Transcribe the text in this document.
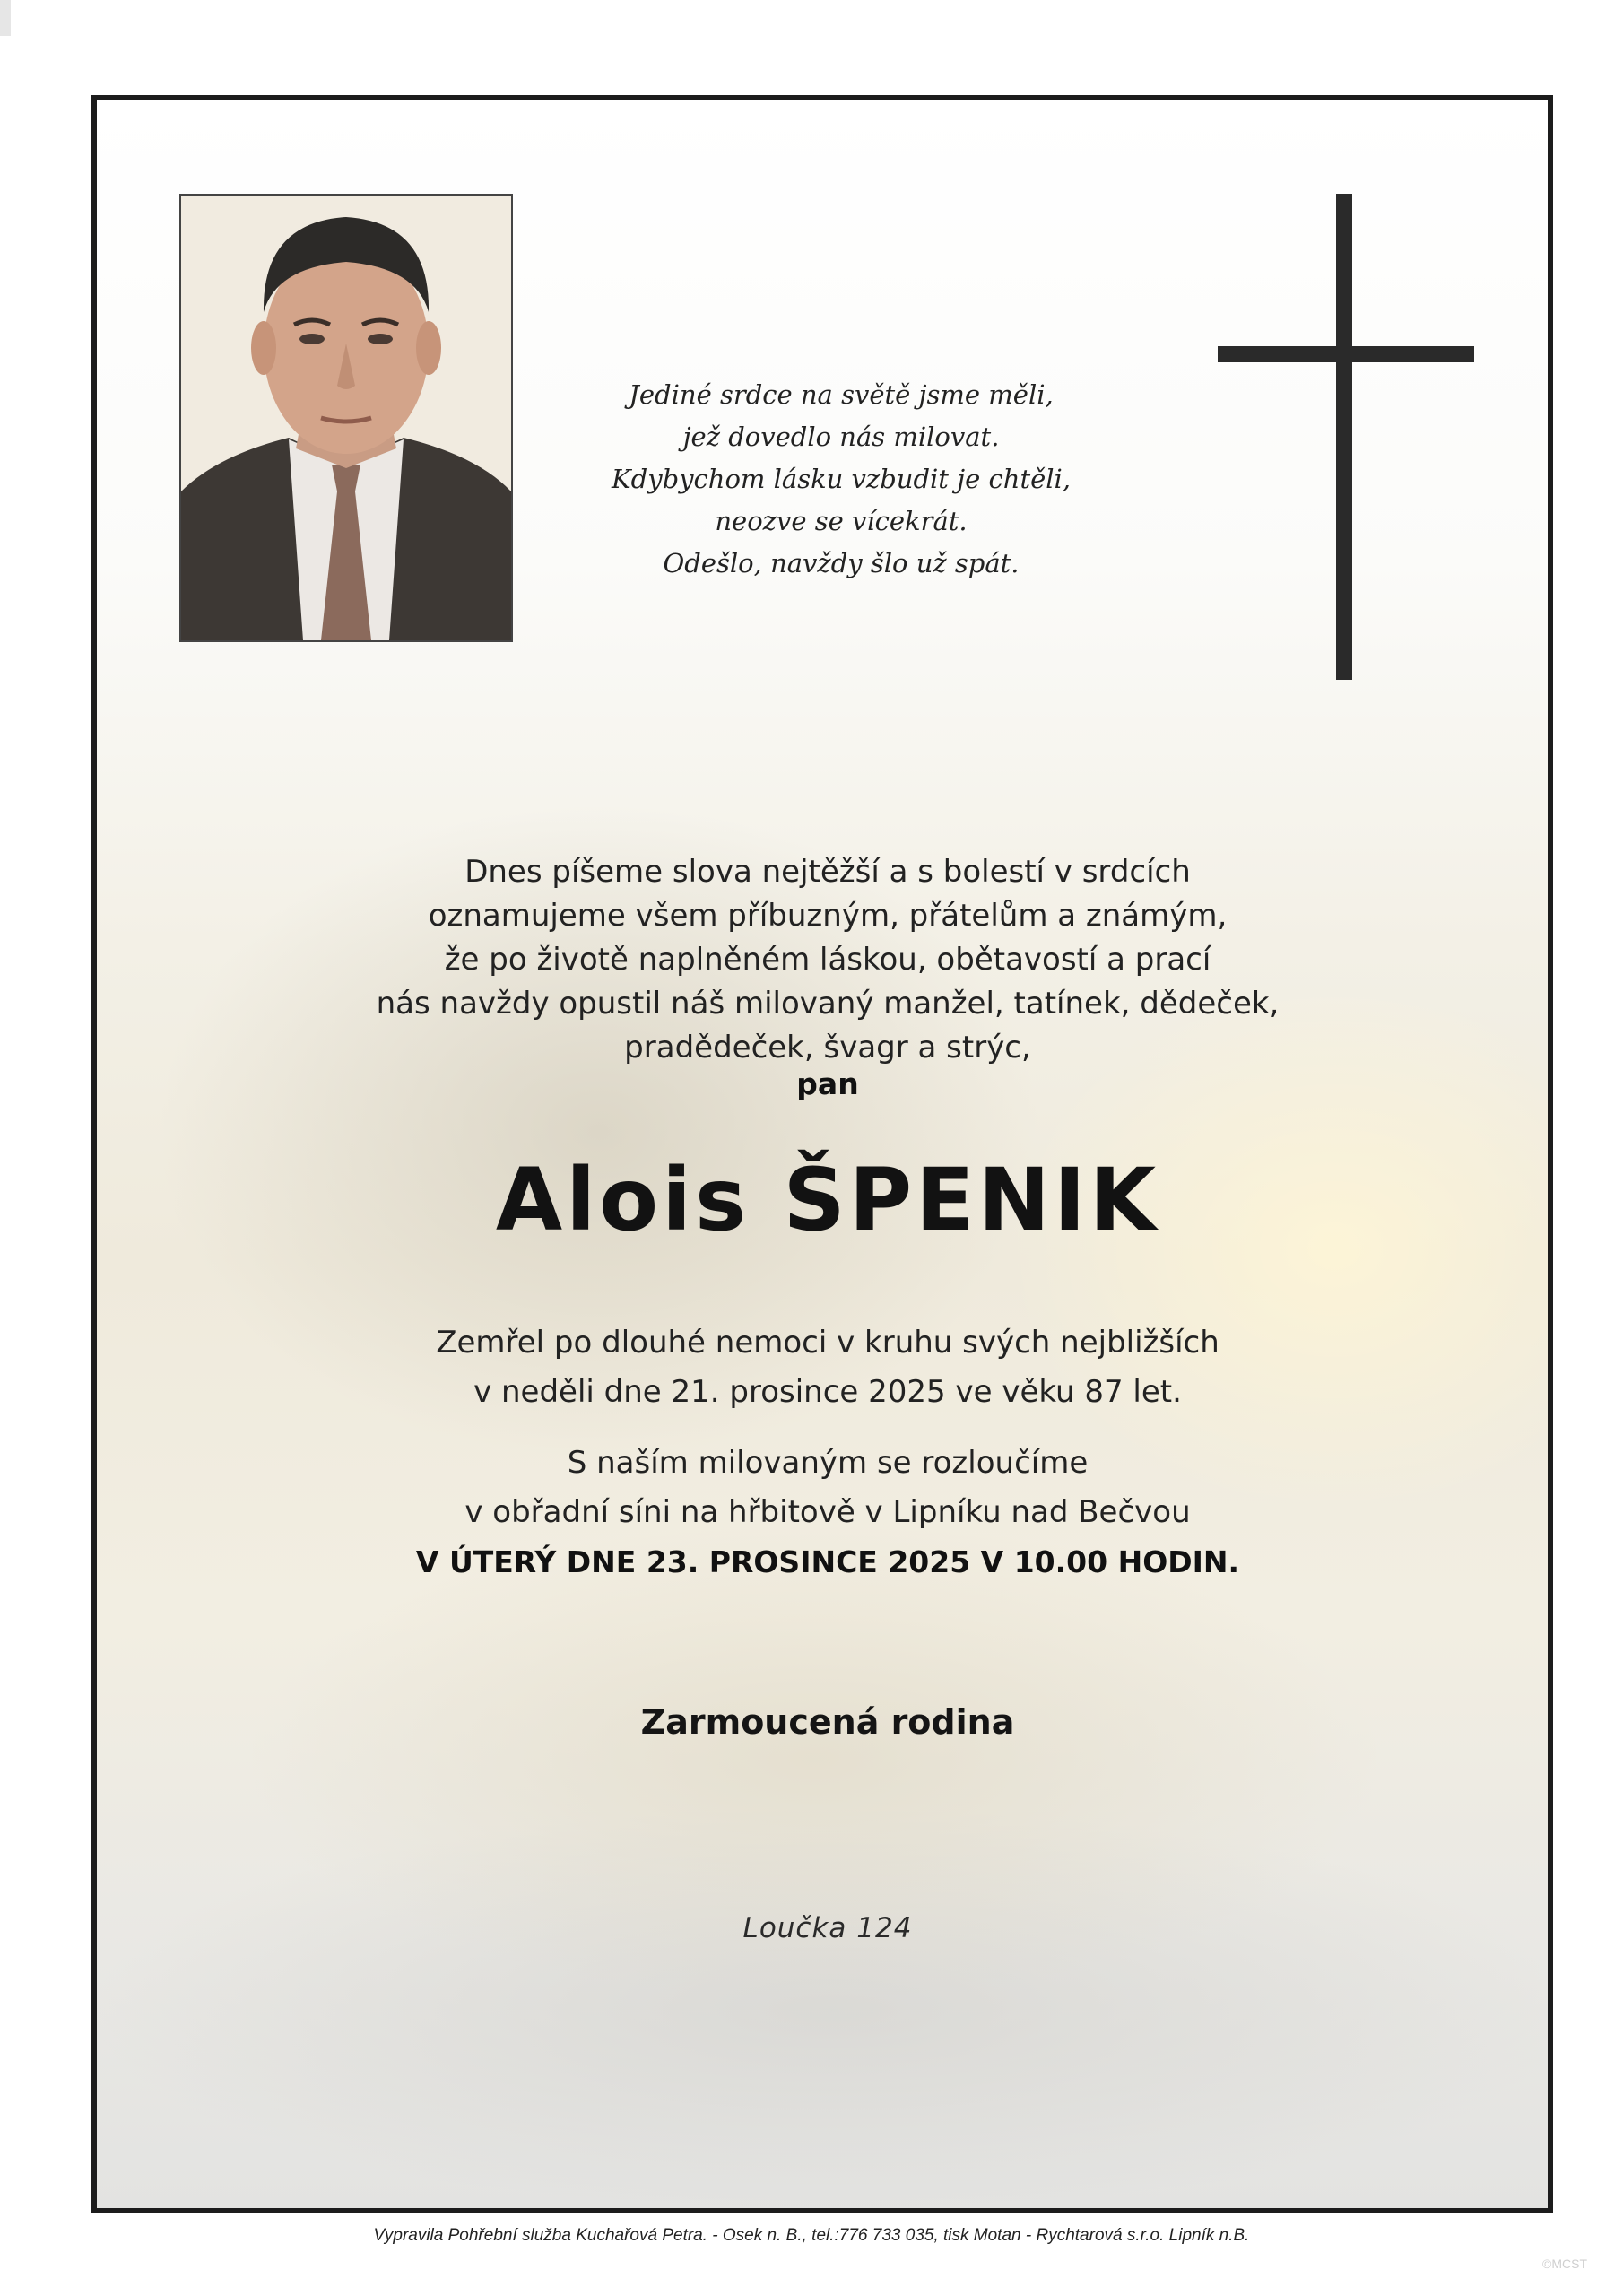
Jediné srdce na světě jsme měli,
jež dovedlo nás milovat.
Kdybychom lásku vzbudit je chtěli,
neozve se vícekrát.
Odešlo, navždy šlo už spát.
Dnes píšeme slova nejtěžší a s bolestí v srdcích
oznamujeme všem příbuzným, přátelům a známým,
že po životě naplněném láskou, obětavostí a prací
nás navždy opustil náš milovaný manžel, tatínek, dědeček,
pradědeček, švagr a strýc,
pan
Alois ŠPENIK
Zemřel po dlouhé nemoci v kruhu svých nejbližších
v neděli dne 21. prosince 2025 ve věku 87 let.
S naším milovaným se rozloučíme
v obřadní síni na hřbitově v Lipníku nad Bečvou
V ÚTERÝ DNE 23. PROSINCE 2025 V 10.00 HODIN.
Zarmoucená rodina
Loučka 124
Vypravila Pohřební služba Kuchařová Petra. - Osek n. B., tel.:776 733 035, tisk Motan - Rychtarová s.r.o. Lipník n.B.
©MCST
